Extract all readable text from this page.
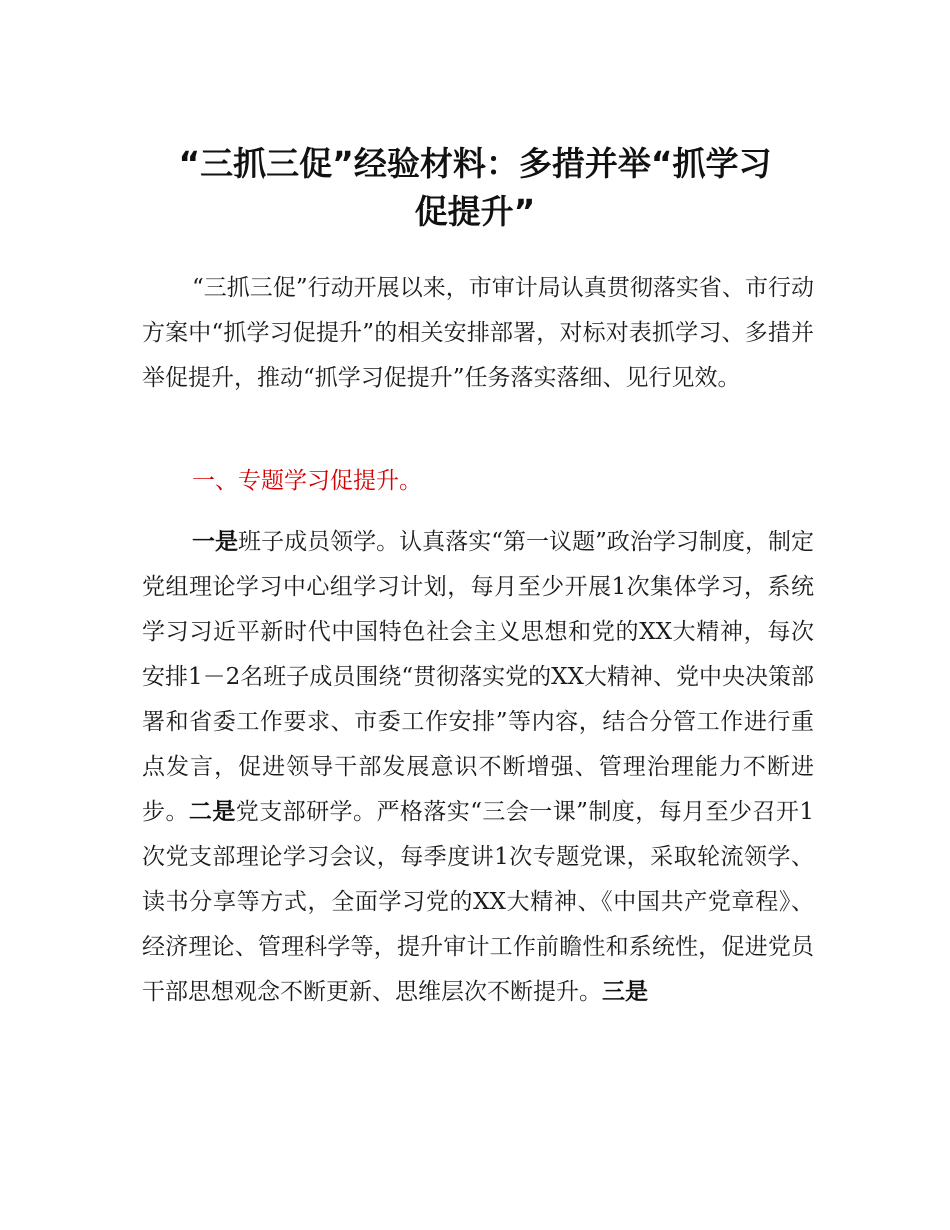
“三抓三促”经验材料：多措并举“抓学习
促提升”

“三抓三促”行动开展以来，市审计局认真贯彻落实省、市行动方案中“抓学习促提升”的相关安排部署，对标对表抓学习、多措并举促提升，推动“抓学习促提升”任务落实落细、见行见效。

一、专题学习促提升。

一是班子成员领学。认真落实“第一议题”政治学习制度，制定党组理论学习中心组学习计划，每月至少开展1次集体学习，系统学习习近平新时代中国特色社会主义思想和党的XX大精神，每次安排1－2名班子成员围绕“贯彻落实党的XX大精神、党中央决策部署和省委工作要求、市委工作安排”等内容，结合分管工作进行重点发言，促进领导干部发展意识不断增强、管理治理能力不断进步。二是党支部研学。严格落实“三会一课”制度，每月至少召开1次党支部理论学习会议，每季度讲1次专题党课，采取轮流领学、读书分享等方式，全面学习党的XX大精神、《中国共产党章程》、经济理论、管理科学等，提升审计工作前瞻性和系统性，促进党员干部思想观念不断更新、思维层次不断提升。三是
